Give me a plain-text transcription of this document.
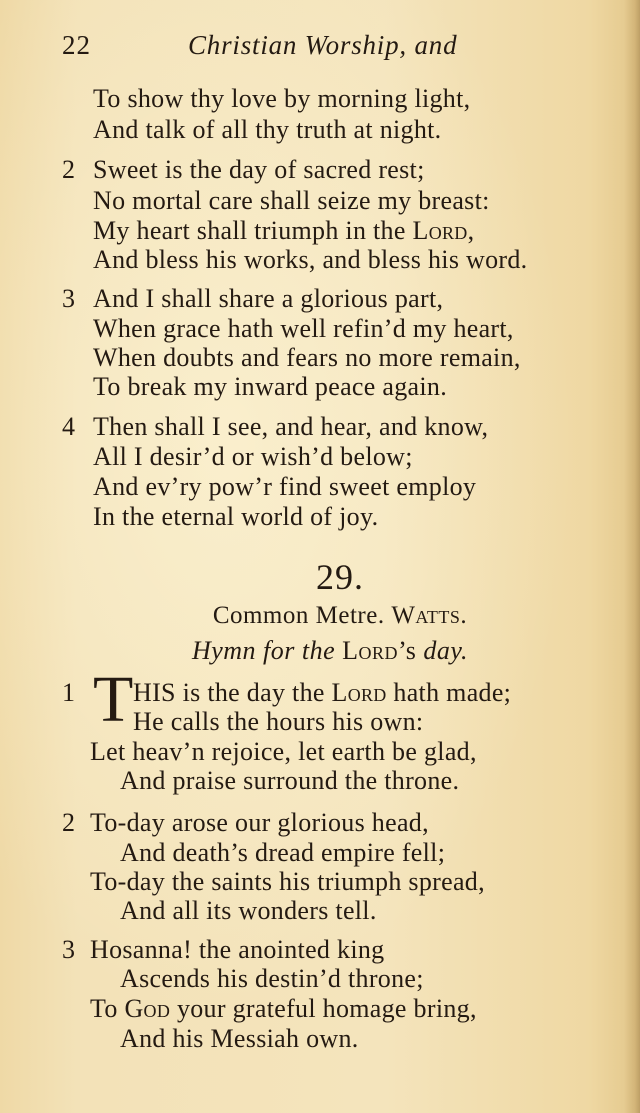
22	Christian Worship, and
To show thy love by morning light,
And talk of all thy truth at night.
2 Sweet is the day of sacred rest;
No mortal care shall seize my breast:
My heart shall triumph in the Lord,
And bless his works, and bless his word.
3 And I shall share a glorious part,
When grace hath well refin’d my heart,
When doubts and fears no more remain,
To break my inward peace again.
4 Then shall I see, and hear, and know,
All I desir’d or wish’d below;
And ev’ry pow’r find sweet employ
In the eternal world of joy.
29.
Common Metre. Watts.
Hymn for the Lord’s day.
1 T HIS is the day the Lord hath made;
He calls the hours his own:
Let heav’n rejoice, let earth be glad,
And praise surround the throne.
2 To-day arose our glorious head,
And death’s dread empire fell;
To-day the saints his triumph spread,
And all its wonders tell.
3 Hosanna! the anointed king
Ascends his destin’d throne;
To God your grateful homage bring,
And his Messiah own.
